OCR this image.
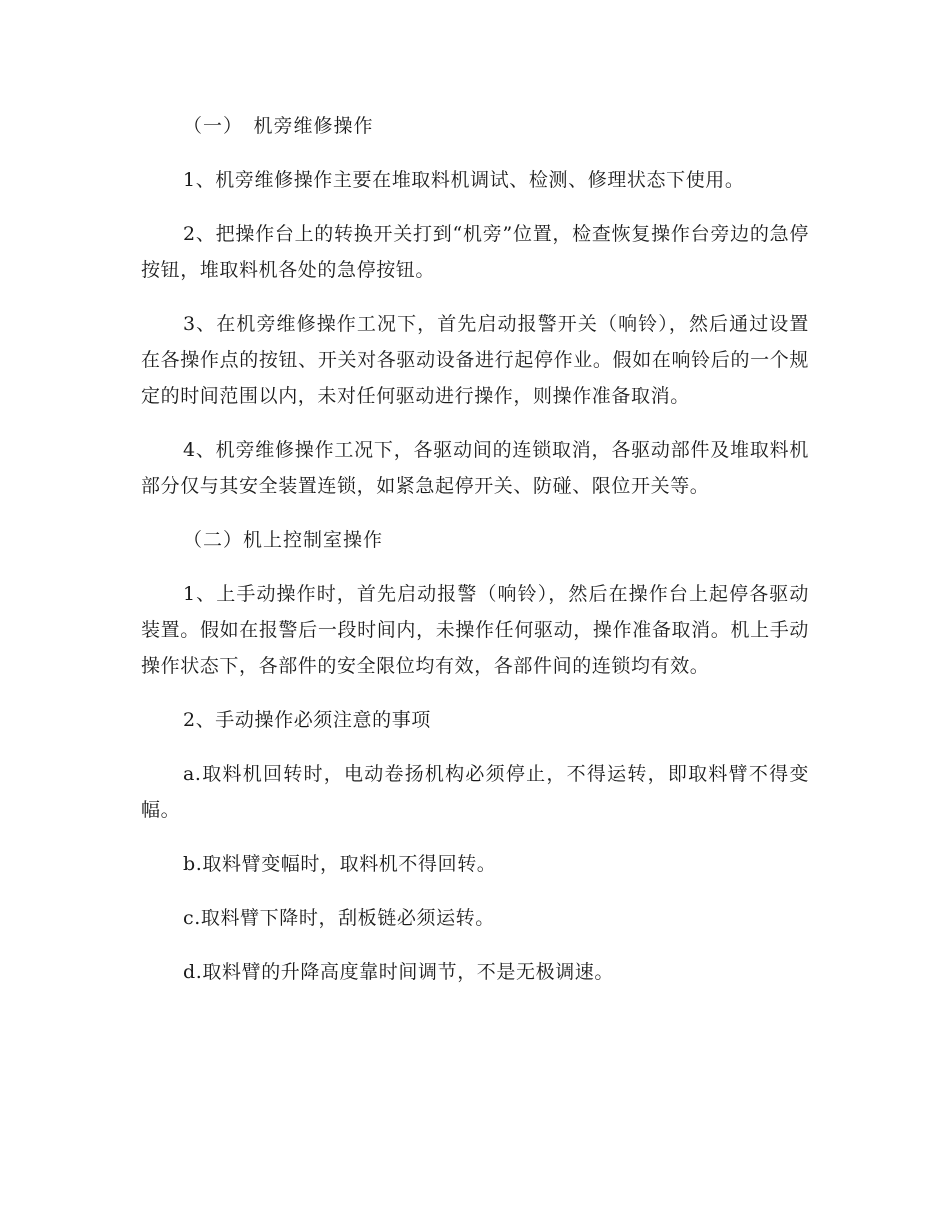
（一）　机旁维修操作

1、机旁维修操作主要在堆取料机调试、检测、修理状态下使用。

2、把操作台上的转换开关打到“机旁”位置，检查恢复操作台旁边的急停按钮，堆取料机各处的急停按钮。

3、在机旁维修操作工况下，首先启动报警开关（响铃），然后通过设置在各操作点的按钮、开关对各驱动设备进行起停作业。假如在响铃后的一个规定的时间范围以内，未对任何驱动进行操作，则操作准备取消。

4、机旁维修操作工况下，各驱动间的连锁取消，各驱动部件及堆取料机部分仅与其安全装置连锁，如紧急起停开关、防碰、限位开关等。

（二）机上控制室操作

1、上手动操作时，首先启动报警（响铃），然后在操作台上起停各驱动装置。假如在报警后一段时间内，未操作任何驱动，操作准备取消。机上手动操作状态下，各部件的安全限位均有效，各部件间的连锁均有效。

2、手动操作必须注意的事项

a.取料机回转时，电动卷扬机构必须停止，不得运转，即取料臂不得变幅。

b.取料臂变幅时，取料机不得回转。

c.取料臂下降时，刮板链必须运转。

d.取料臂的升降高度靠时间调节，不是无极调速。
